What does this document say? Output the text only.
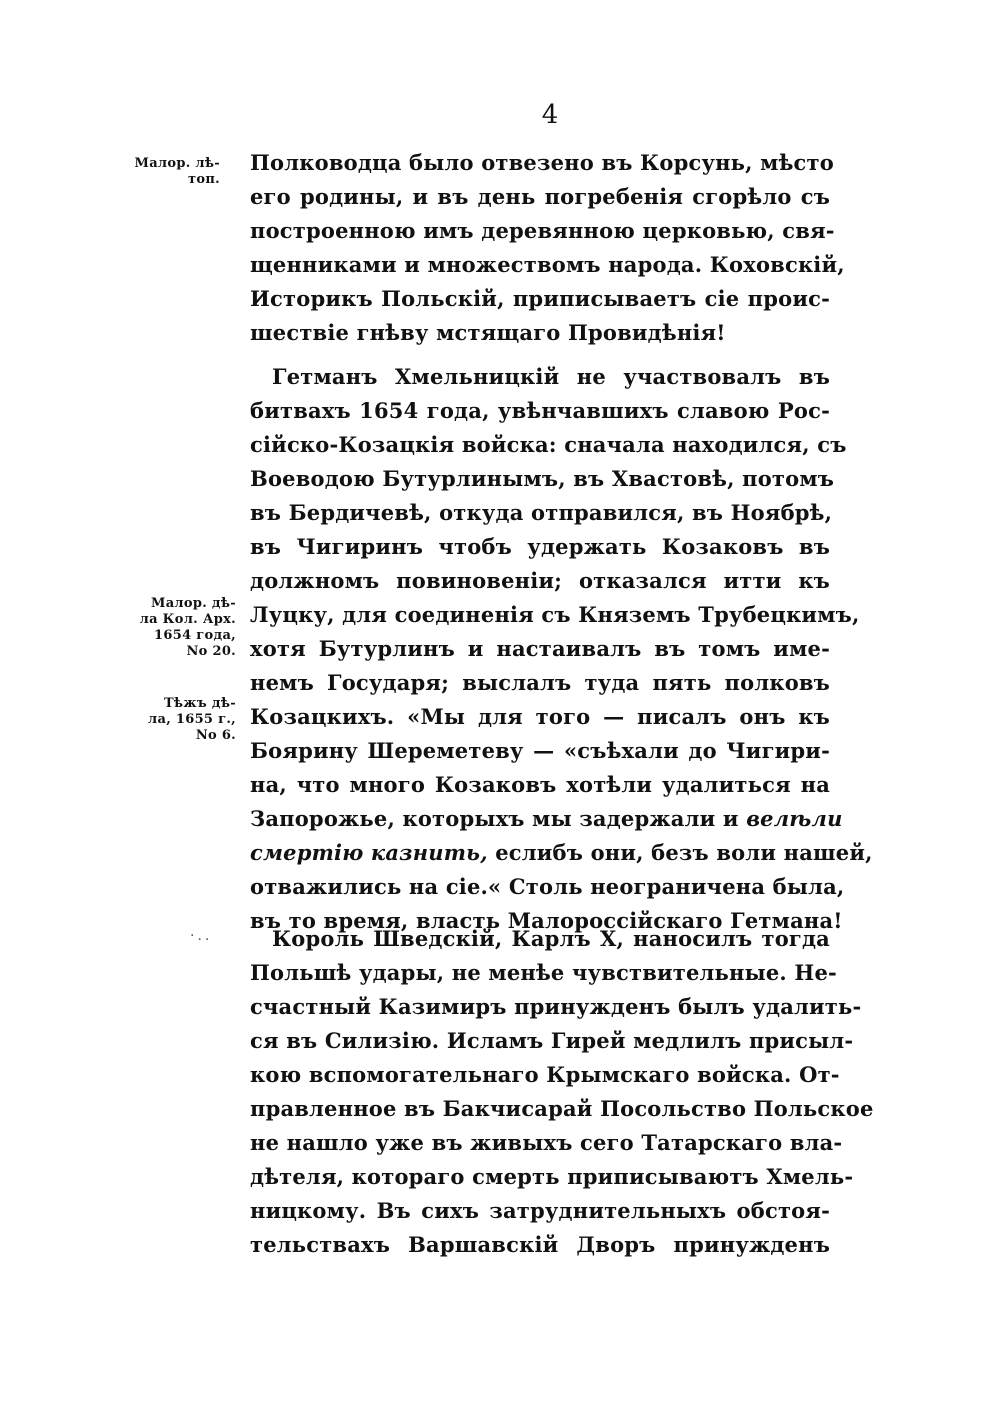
4
Малор. лѣ-
топ.
Малор. дѣ-
ла Кол. Арх.
1654 года,
No 20.
Тѣжъ дѣ-
ла, 1655 г.,
No 6.
Полководца было отвезено въ Корсунь, мѣсто
его родины, и въ день погребенія сгорѣло съ
построенною имъ деревянною церковью, свя-
щенниками и множествомъ народа. Коховскій,
Историкъ Польскій, приписываетъ сіе проис-
шествіе гнѣву мстящаго Провидѣнія!
Гетманъ Хмельницкій не участвовалъ въ
битвахъ 1654 года, увѣнчавшихъ славою Рос-
сійско-Козацкія войска: сначала находился, съ
Воеводою Бутурлинымъ, въ Хвастовѣ, потомъ
въ Бердичевѣ, откуда отправился, въ Ноябрѣ,
въ Чигиринъ чтобъ удержать Козаковъ въ
должномъ повиновеніи; отказался итти къ
Луцку, для соединенія съ Княземъ Трубецкимъ,
хотя Бутурлинъ и настаивалъ въ томъ име-
немъ Государя; выслалъ туда пять полковъ
Козацкихъ. «Мы для того — писалъ онъ къ
Боярину Шереметеву — «съѣхали до Чигири-
на, что много Козаковъ хотѣли удалиться на
Запорожье, которыхъ мы задержали и велѣли
смертію казнить, еслибъ они, безъ воли нашей,
отважились на сіе.« Столь неограничена была,
въ то время, власть Малороссійскаго Гетмана!
·..	Король Шведскій, Карлъ X, наносилъ тогда
Польшѣ удары, не менѣе чувствительные. Не-
счастный Казимиръ принужденъ былъ удалить-
ся въ Силизію. Исламъ Гирей медлилъ присыл-
кою вспомогательнаго Крымскаго войска. От-
правленное въ Бакчисарай Посольство Польское
не нашло уже въ живыхъ сего Татарскаго вла-
дѣтеля, котораго смерть приписываютъ Хмель-
ницкому. Въ сихъ затруднительныхъ обстоя-
тельствахъ Варшавскій Дворъ принужденъ
